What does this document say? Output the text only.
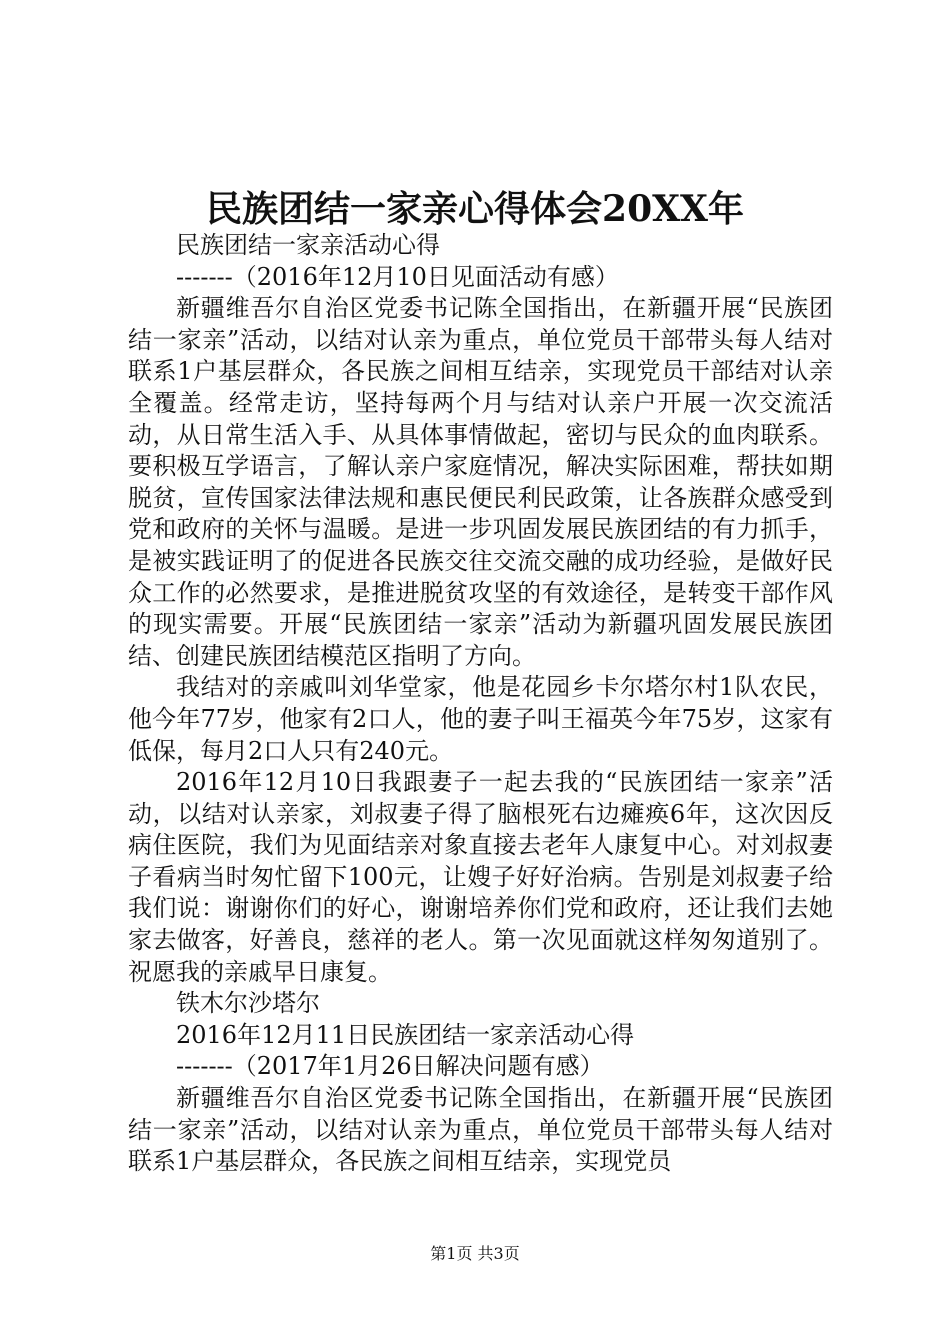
民族团结一家亲心得体会20XX年

民族团结一家亲活动心得

-------（2016年12月10日见面活动有感）

新疆维吾尔自治区党委书记陈全国指出，在新疆开展“民族团结一家亲”活动，以结对认亲为重点，单位党员干部带头每人结对联系1户基层群众，各民族之间相互结亲，实现党员干部结对认亲全覆盖。经常走访，坚持每两个月与结对认亲户开展一次交流活动，从日常生活入手、从具体事情做起，密切与民众的血肉联系。要积极互学语言，了解认亲户家庭情况，解决实际困难，帮扶如期脱贫，宣传国家法律法规和惠民便民利民政策，让各族群众感受到党和政府的关怀与温暖。是进一步巩固发展民族团结的有力抓手，是被实践证明了的促进各民族交往交流交融的成功经验，是做好民众工作的必然要求，是推进脱贫攻坚的有效途径，是转变干部作风的现实需要。开展“民族团结一家亲”活动为新疆巩固发展民族团结、创建民族团结模范区指明了方向。

我结对的亲戚叫刘华堂家，他是花园乡卡尔塔尔村1队农民，他今年77岁，他家有2口人，他的妻子叫王福英今年75岁，这家有低保，每月2口人只有240元。

2016年12月10日我跟妻子一起去我的“民族团结一家亲”活动，以结对认亲家，刘叔妻子得了脑根死右边瘫痪6年，这次因反病住医院，我们为见面结亲对象直接去老年人康复中心。对刘叔妻子看病当时匆忙留下100元，让嫂子好好治病。告别是刘叔妻子给我们说：谢谢你们的好心，谢谢培养你们党和政府，还让我们去她家去做客，好善良，慈祥的老人。第一次见面就这样匆匆道别了。祝愿我的亲戚早日康复。

铁木尔沙塔尔

2016年12月11日民族团结一家亲活动心得

-------（2017年1月26日解决问题有感）

新疆维吾尔自治区党委书记陈全国指出，在新疆开展“民族团结一家亲”活动，以结对认亲为重点，单位党员干部带头每人结对联系1户基层群众，各民族之间相互结亲，实现党员

第1页 共3页
